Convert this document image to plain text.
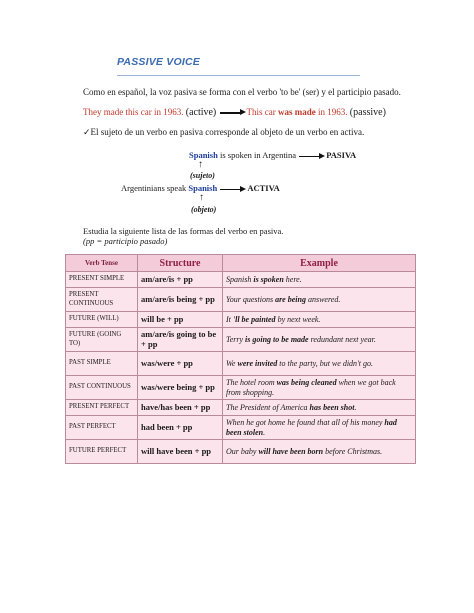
PASSIVE VOICE
Como en español, la voz pasiva se forma con el verbo 'to be' (ser) y el participio pasado.
They made this car in 1963. (active)	This car was made in 1963. (passive)
✓El sujeto de un verbo en pasiva corresponde al objeto de un verbo en activa.
Spanish is spoken in Argentina	PASIVA
↑
(sujeto)
Argentinians speak Spanish	ACTIVA
↑
(objeto)
Estudia la siguiente lista de las formas del verbo en pasiva.
(pp = participio pasado)
Verb Tense	Structure	Example
PRESENT SIMPLE	am/are/is + pp	Spanish is spoken here.
PRESENT CONTINUOUS	am/are/is being + pp	Your questions are being answered.
FUTURE (WILL)	will be + pp	It 'll be painted by next week.
FUTURE (GOING TO)	am/are/is going to be + pp	Terry is going to be made redundant next year.
PAST SIMPLE	was/were + pp	We were invited to the party, but we didn't go.
PAST CONTINUOUS	was/were being + pp	The hotel room was being cleaned when we got back from shopping.
PRESENT PERFECT	have/has been + pp	The President of America has been shot.
PAST PERFECT	had been + pp	When he got home he found that all of his money had been stolen.
FUTURE PERFECT	will have been + pp	Our baby will have been born before Christmas.
